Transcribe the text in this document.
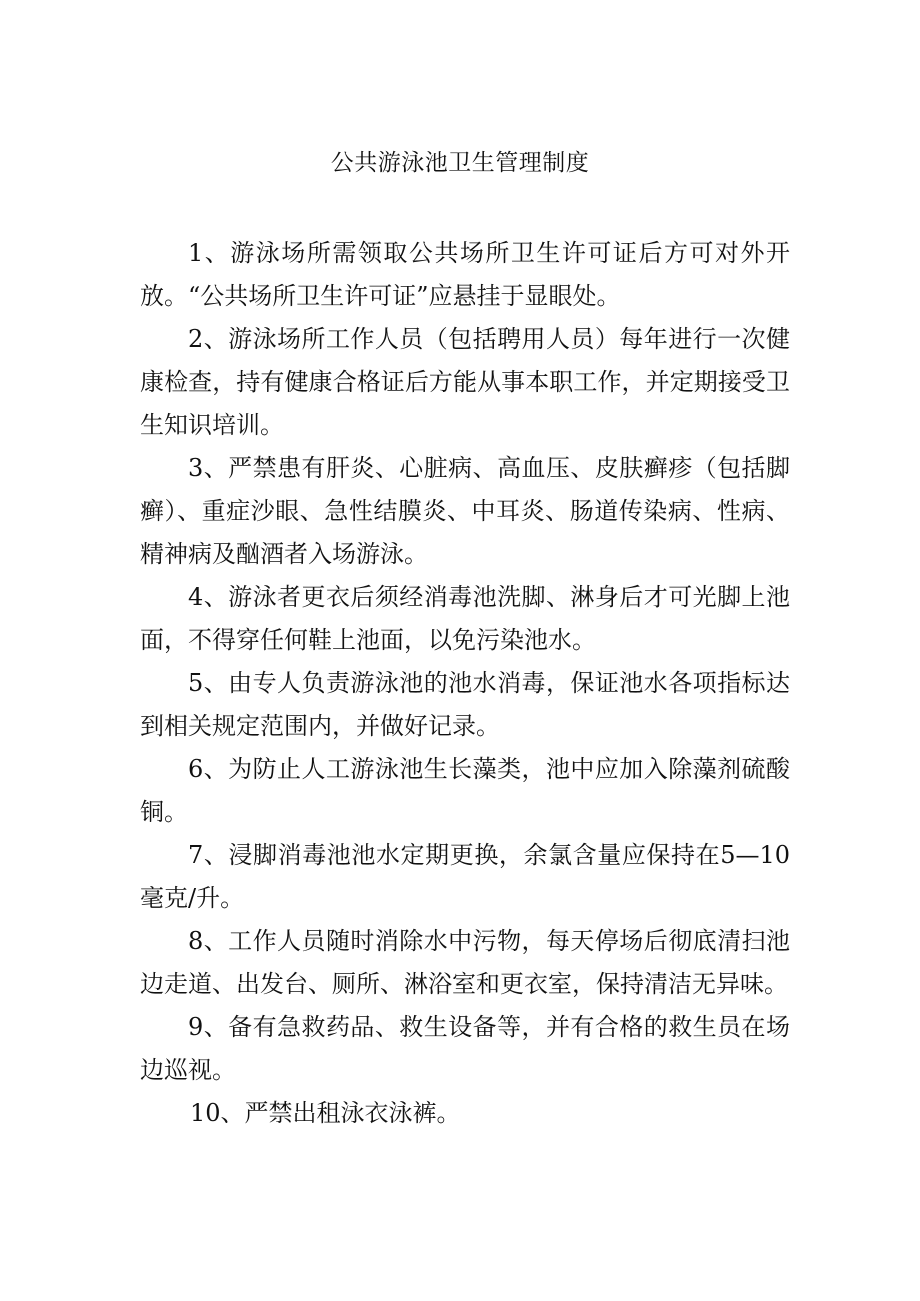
公共游泳池卫生管理制度

1、游泳场所需领取公共场所卫生许可证后方可对外开放。“公共场所卫生许可证”应悬挂于显眼处。

2、游泳场所工作人员（包括聘用人员）每年进行一次健康检查，持有健康合格证后方能从事本职工作，并定期接受卫生知识培训。

3、严禁患有肝炎、心脏病、高血压、皮肤癣疹（包括脚癣）、重症沙眼、急性结膜炎、中耳炎、肠道传染病、性病、精神病及酗酒者入场游泳。

4、游泳者更衣后须经消毒池洗脚、淋身后才可光脚上池面，不得穿任何鞋上池面，以免污染池水。

5、由专人负责游泳池的池水消毒，保证池水各项指标达到相关规定范围内，并做好记录。

6、为防止人工游泳池生长藻类，池中应加入除藻剂硫酸铜。

7、浸脚消毒池池水定期更换，余氯含量应保持在5—10毫克/升。

8、工作人员随时消除水中污物，每天停场后彻底清扫池边走道、出发台、厕所、淋浴室和更衣室，保持清洁无异味。

9、备有急救药品、救生设备等，并有合格的救生员在场边巡视。

10、严禁出租泳衣泳裤。
